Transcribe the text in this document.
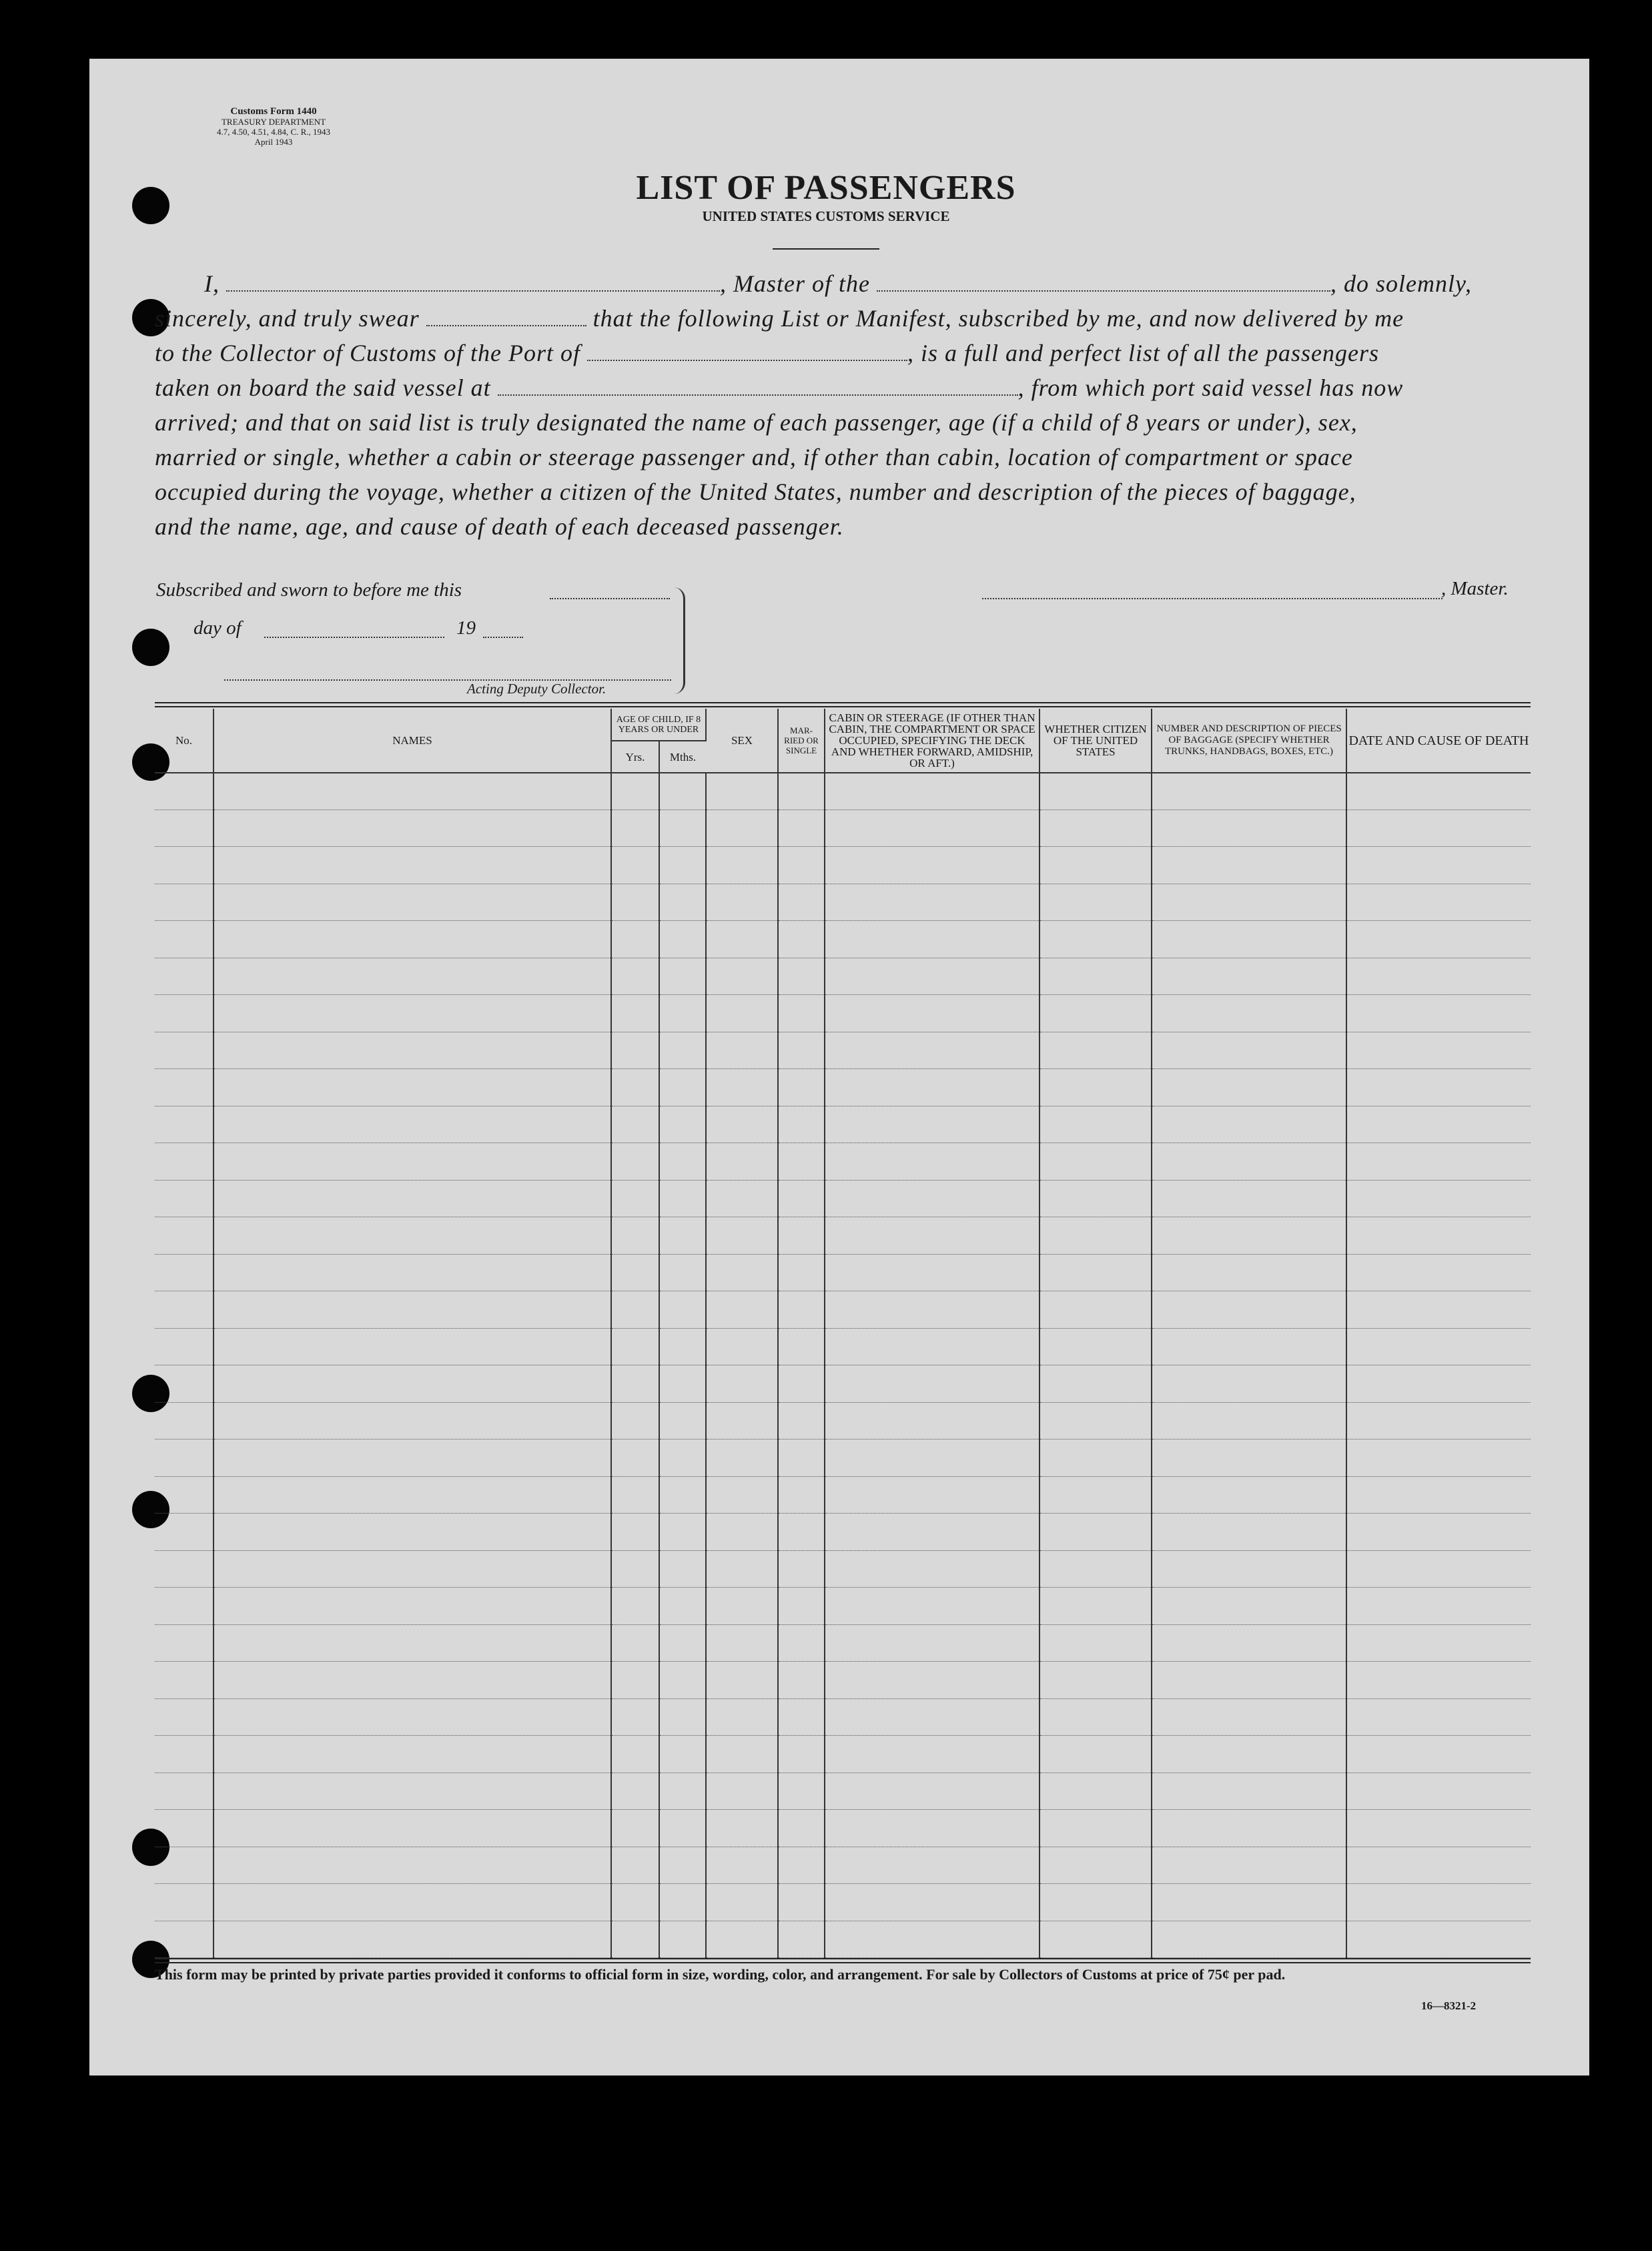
Customs Form 1440
TREASURY DEPARTMENT
4.7, 4.50, 4.51, 4.84, C. R., 1943
April 1943
LIST OF PASSENGERS
UNITED STATES CUSTOMS SERVICE
I,	, Master of the	, do solemnly,
sincerely, and truly swear	that the following List or Manifest, subscribed by me, and now delivered by me
to the Collector of Customs of the Port of	, is a full and perfect list of all the passengers
taken on board the said vessel at	, from which port said vessel has now
arrived; and that on said list is truly designated the name of each passenger, age (if a child of 8 years or under), sex,
married or single, whether a cabin or steerage passenger and, if other than cabin, location of compartment or space
occupied during the voyage, whether a citizen of the United States, number and description of the pieces of baggage,
and the name, age, and cause of death of each deceased passenger.
Subscribed and sworn to before me this
day of	19
Acting Deputy Collector.
, Master.
No.	NAMES	AGE OF CHILD, IF 8 YEARS OR UNDER		SEX	MAR-RIED OR SINGLE	CABIN OR STEERAGE (IF OTHER THAN CABIN, THE COMPARTMENT OR SPACE OCCUPIED, SPECIFYING THE DECK AND WHETHER FORWARD, AMIDSHIP, OR AFT.)	WHETHER CITIZEN OF THE UNITED STATES	NUMBER AND DESCRIPTION OF PIECES OF BAGGAGE (SPECIFY WHETHER TRUNKS, HANDBAGS, BOXES, ETC.)	DATE AND CAUSE OF DEATH
		Yrs.	Mths.						

This form may be printed by private parties provided it conforms to official form in size, wording, color, and arrangement. For sale by Collectors of Customs at price of 75¢ per pad.
16—8321-2
